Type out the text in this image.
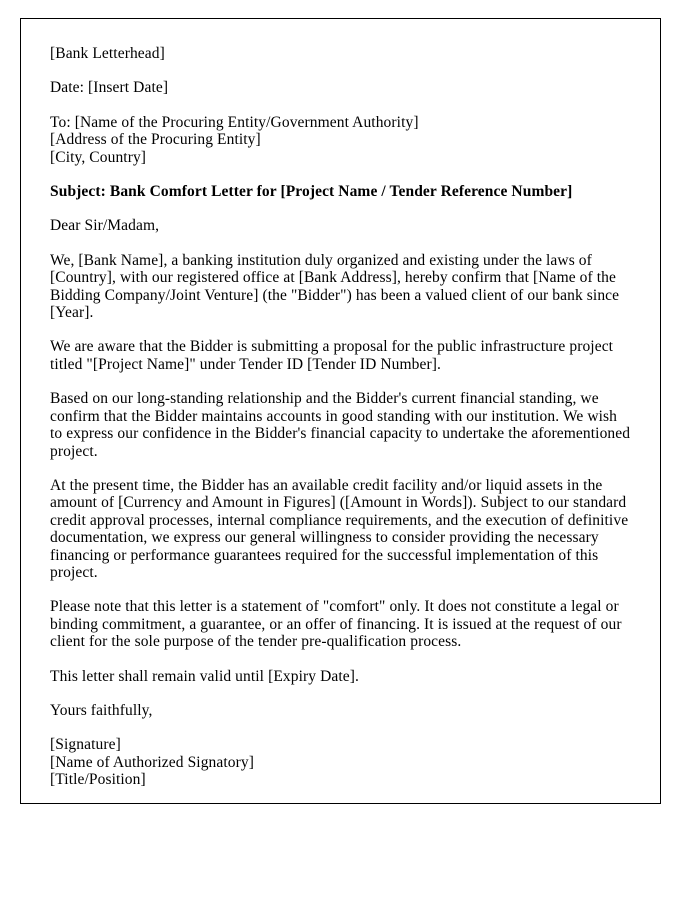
[Bank Letterhead]

Date: [Insert Date]

To: [Name of the Procuring Entity/Government Authority]
[Address of the Procuring Entity]
[City, Country]

Subject: Bank Comfort Letter for [Project Name / Tender Reference Number]

Dear Sir/Madam,

We, [Bank Name], a banking institution duly organized and existing under the laws of [Country], with our registered office at [Bank Address], hereby confirm that [Name of the Bidding Company/Joint Venture] (the "Bidder") has been a valued client of our bank since [Year].

We are aware that the Bidder is submitting a proposal for the public infrastructure project titled "[Project Name]" under Tender ID [Tender ID Number].

Based on our long-standing relationship and the Bidder's current financial standing, we confirm that the Bidder maintains accounts in good standing with our institution. We wish to express our confidence in the Bidder's financial capacity to undertake the aforementioned project.

At the present time, the Bidder has an available credit facility and/or liquid assets in the amount of [Currency and Amount in Figures] ([Amount in Words]). Subject to our standard credit approval processes, internal compliance requirements, and the execution of definitive documentation, we express our general willingness to consider providing the necessary financing or performance guarantees required for the successful implementation of this project.

Please note that this letter is a statement of "comfort" only. It does not constitute a legal or binding commitment, a guarantee, or an offer of financing. It is issued at the request of our client for the sole purpose of the tender pre-qualification process.

This letter shall remain valid until [Expiry Date].

Yours faithfully,

[Signature]
[Name of Authorized Signatory]
[Title/Position]
